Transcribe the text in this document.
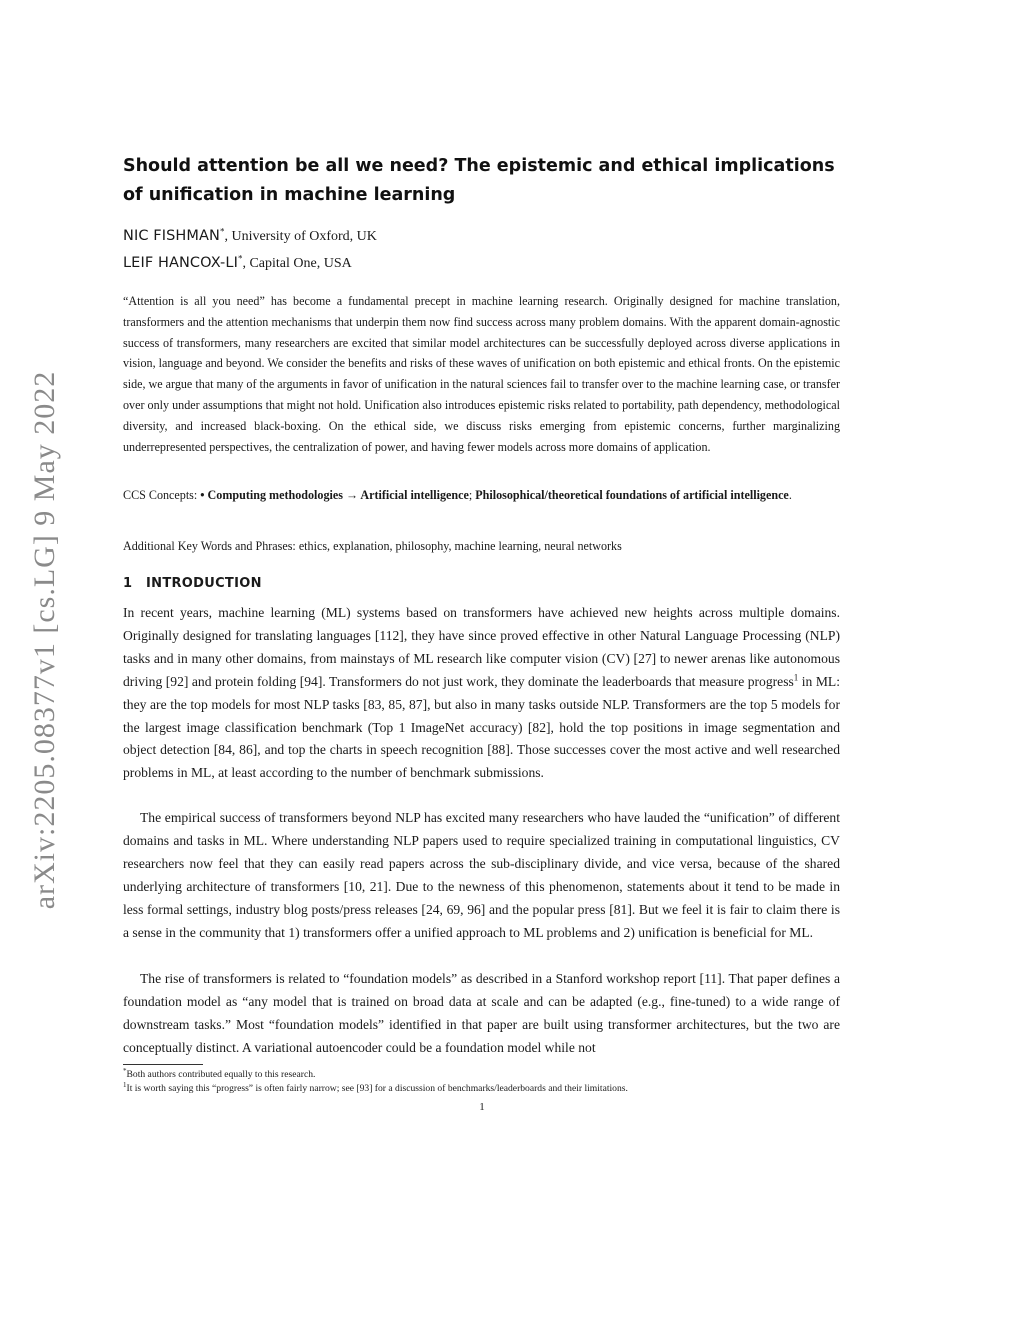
arXiv:2205.08377v1 [cs.LG] 9 May 2022
Should attention be all we need? The epistemic and ethical implications of unification in machine learning
NIC FISHMAN*, University of Oxford, UK
LEIF HANCOX-LI*, Capital One, USA

“Attention is all you need” has become a fundamental precept in machine learning research. Originally designed for machine translation, transformers and the attention mechanisms that underpin them now find success across many problem domains. With the apparent domain-agnostic success of transformers, many researchers are excited that similar model architectures can be successfully deployed across diverse applications in vision, language and beyond. We consider the benefits and risks of these waves of unification on both epistemic and ethical fronts. On the epistemic side, we argue that many of the arguments in favor of unification in the natural sciences fail to transfer over to the machine learning case, or transfer over only under assumptions that might not hold. Unification also introduces epistemic risks related to portability, path dependency, methodological diversity, and increased black-boxing. On the ethical side, we discuss risks emerging from epistemic concerns, further marginalizing underrepresented perspectives, the centralization of power, and having fewer models across more domains of application.

CCS Concepts: • Computing methodologies → Artificial intelligence; Philosophical/theoretical foundations of artificial intelligence.

Additional Key Words and Phrases: ethics, explanation, philosophy, machine learning, neural networks

1 INTRODUCTION

In recent years, machine learning (ML) systems based on transformers have achieved new heights across multiple domains. Originally designed for translating languages [112], they have since proved effective in other Natural Language Processing (NLP) tasks and in many other domains, from mainstays of ML research like computer vision (CV) [27] to newer arenas like autonomous driving [92] and protein folding [94]. Transformers do not just work, they dominate the leaderboards that measure progress$^1$ in ML: they are the top models for most NLP tasks [83, 85, 87], but also in many tasks outside NLP. Transformers are the top 5 models for the largest image classification benchmark (Top 1 ImageNet accuracy) [82], hold the top positions in image segmentation and object detection [84, 86], and top the charts in speech recognition [88]. Those successes cover the most active and well researched problems in ML, at least according to the number of benchmark submissions.

The empirical success of transformers beyond NLP has excited many researchers who have lauded the “unification” of different domains and tasks in ML. Where understanding NLP papers used to require specialized training in computational linguistics, CV researchers now feel that they can easily read papers across the sub-disciplinary divide, and vice versa, because of the shared underlying architecture of transformers [10, 21]. Due to the newness of this phenomenon, statements about it tend to be made in less formal settings, industry blog posts/press releases [24, 69, 96] and the popular press [81]. But we feel it is fair to claim there is a sense in the community that 1) transformers offer a unified approach to ML problems and 2) unification is beneficial for ML.

The rise of transformers is related to “foundation models” as described in a Stanford workshop report [11]. That paper defines a foundation model as “any model that is trained on broad data at scale and can be adapted (e.g., fine-tuned) to a wide range of downstream tasks.” Most “foundation models” identified in that paper are built using transformer architectures, but the two are conceptually distinct. A variational autoencoder could be a foundation model while not

*Both authors contributed equally to this research.

$^1$It is worth saying this “progress” is often fairly narrow; see [93] for a discussion of benchmarks/leaderboards and their limitations.

1
